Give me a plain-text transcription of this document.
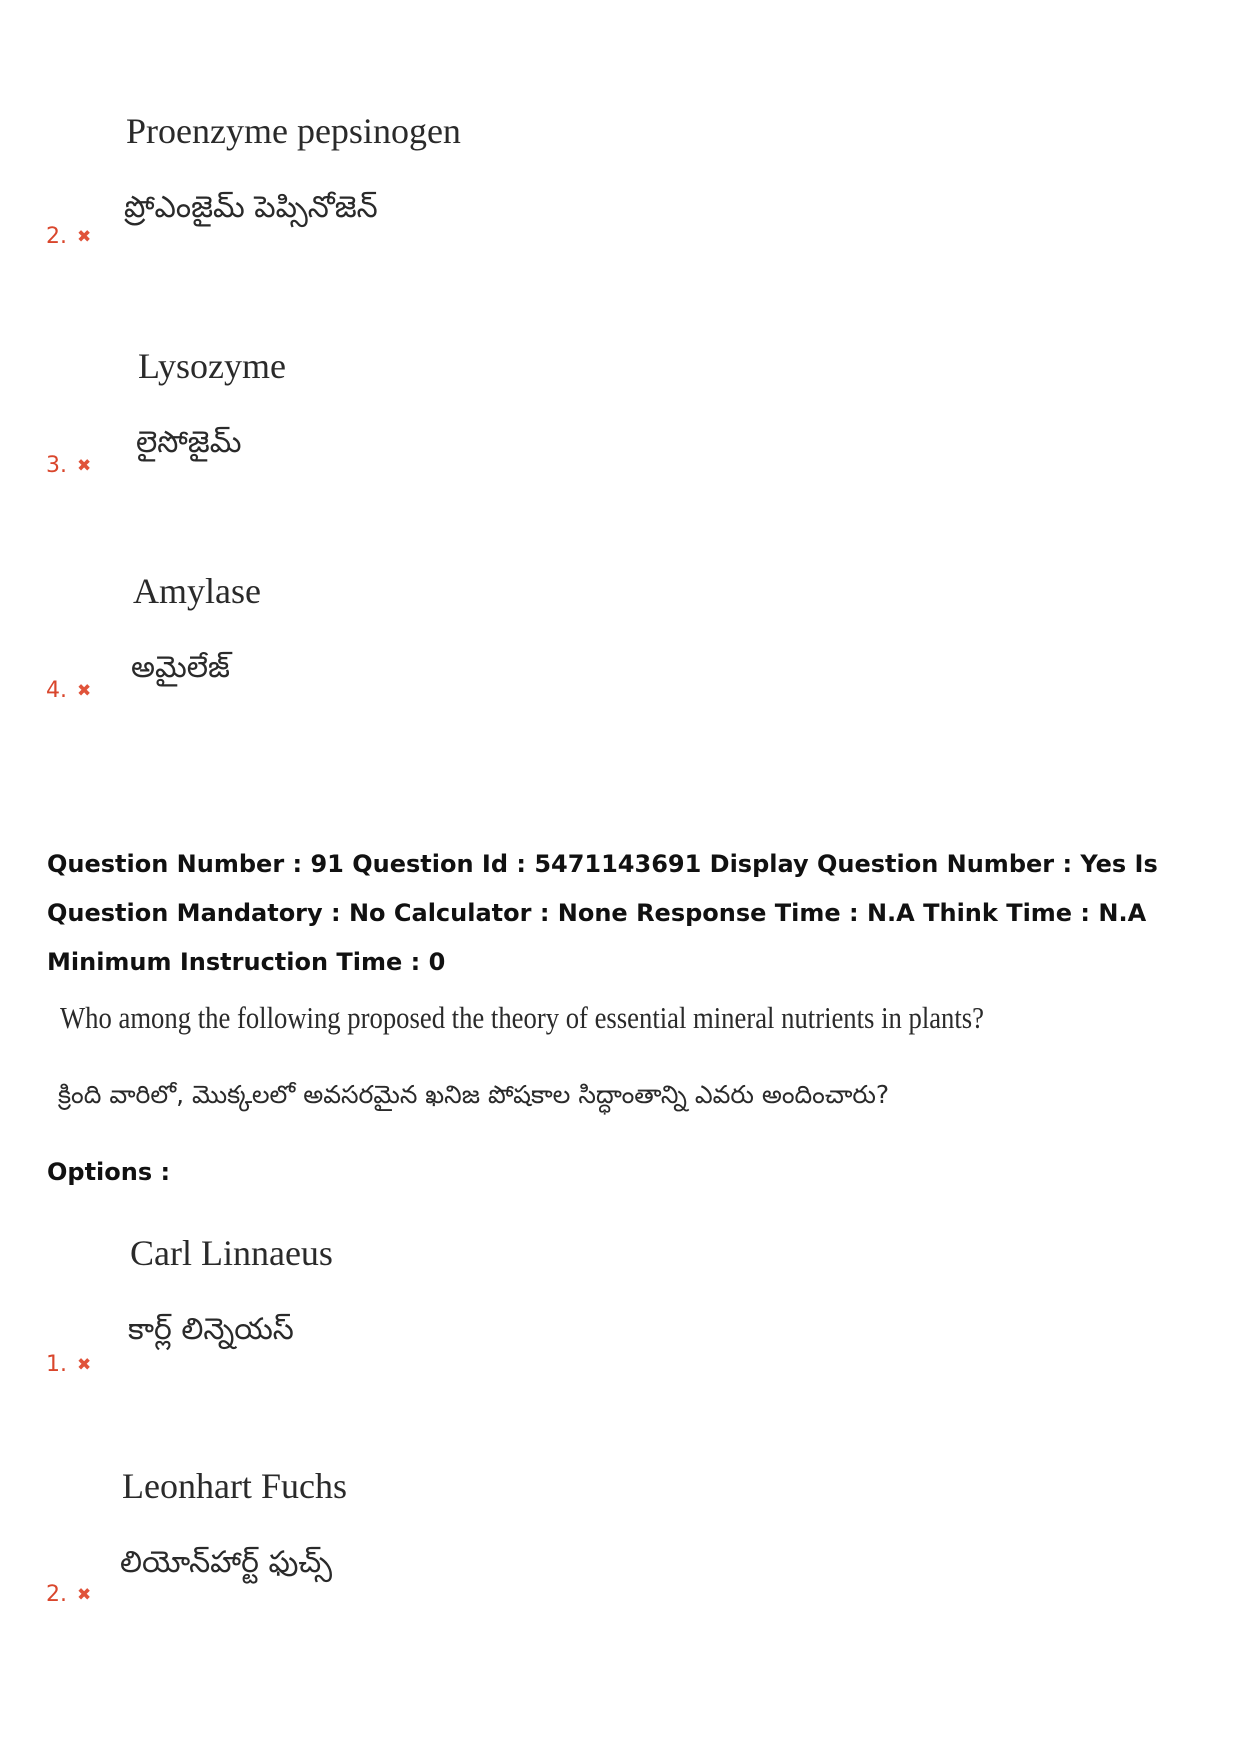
Proenzyme pepsinogen
ప్రోఎంజైమ్ పెప్సినోజెన్
2. ✖
Lysozyme
లైసోజైమ్
3. ✖
Amylase
అమైలేజ్
4. ✖
Question Number : 91 Question Id : 5471143691 Display Question Number : Yes Is Question Mandatory : No Calculator : None Response Time : N.A Think Time : N.A Minimum Instruction Time : 0
Who among the following proposed the theory of essential mineral nutrients in plants?
క్రింది వారిలో, మొక్కలలో అవసరమైన ఖనిజ పోషకాల సిద్ధాంతాన్ని ఎవరు అందించారు?
Options :
Carl Linnaeus
కార్ల్ లిన్నెయస్
1. ✖
Leonhart Fuchs
లియోన్‌హార్ట్ ఫుచ్స్
2. ✖
